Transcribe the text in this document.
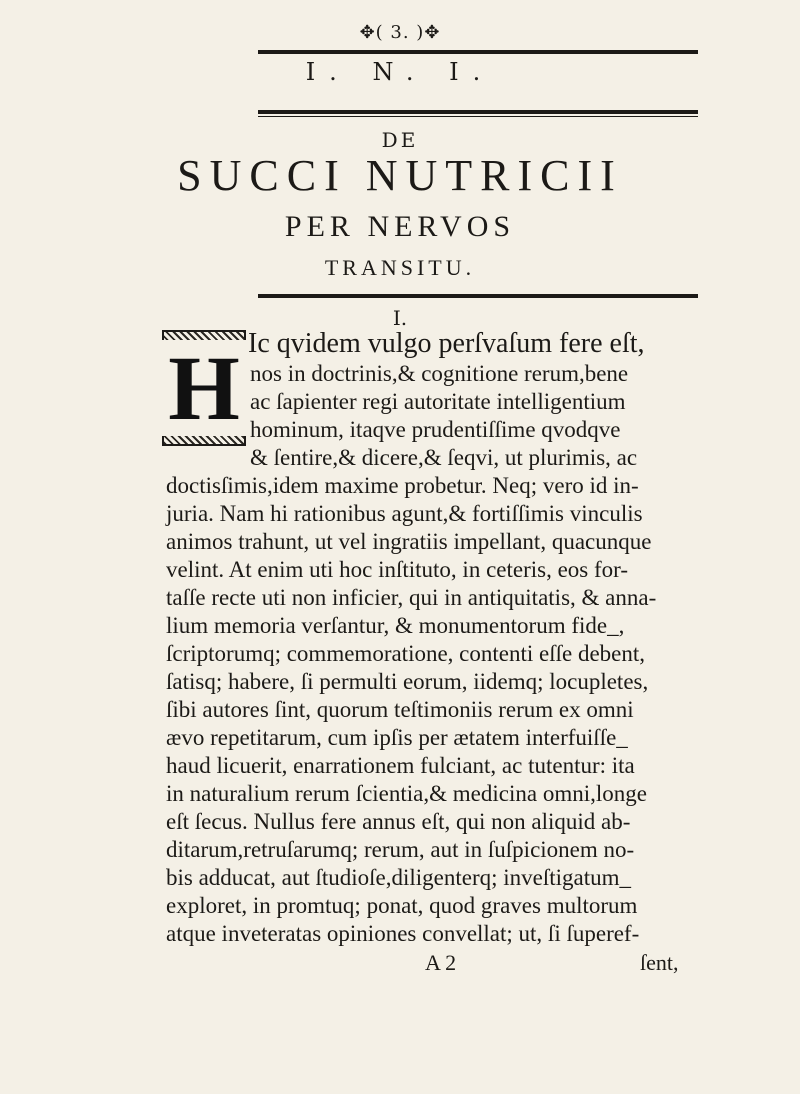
✥( 3. )✥
I. N. I.
DE
SUCCI NUTRICII
PER NERVOS
TRANSITU.
I.
H Ic qvidem vulgo perſvaſum fere eſt,
nos in doctrinis,& cognitione rerum,bene
ac ſapienter regi autoritate intelligentium
hominum, itaqve prudentiſſime qvodqve
& ſentire,& dicere,& ſeqvi, ut plurimis, ac
doctisſimis,idem maxime probetur. Neq; vero id in-
juria. Nam hi rationibus agunt,& fortiſſimis vinculis
animos trahunt, ut vel ingratiis impellant, quacunque
velint. At enim uti hoc inſtituto, in ceteris, eos for-
taſſe recte uti non inficier, qui in antiquitatis, & anna-
lium memoria verſantur, & monumentorum fide_,
ſcriptorumq; commemoratione, contenti eſſe debent,
ſatisq; habere, ſi permulti eorum, iidemq; locupletes,
ſibi autores ſint, quorum teſtimoniis rerum ex omni
ævo repetitarum, cum ipſis per ætatem interfuiſſe_
haud licuerit, enarrationem fulciant, ac tutentur: ita
in naturalium rerum ſcientia,& medicina omni,longe
eſt ſecus. Nullus fere annus eſt, qui non aliquid ab-
ditarum,retruſarumq; rerum, aut in ſuſpicionem no-
bis adducat, aut ſtudioſe,diligenterq; inveſtigatum_
exploret, in promtuq; ponat, quod graves multorum
atque inveteratas opiniones convellat; ut, ſi ſuperef-
A 2	ſent,
